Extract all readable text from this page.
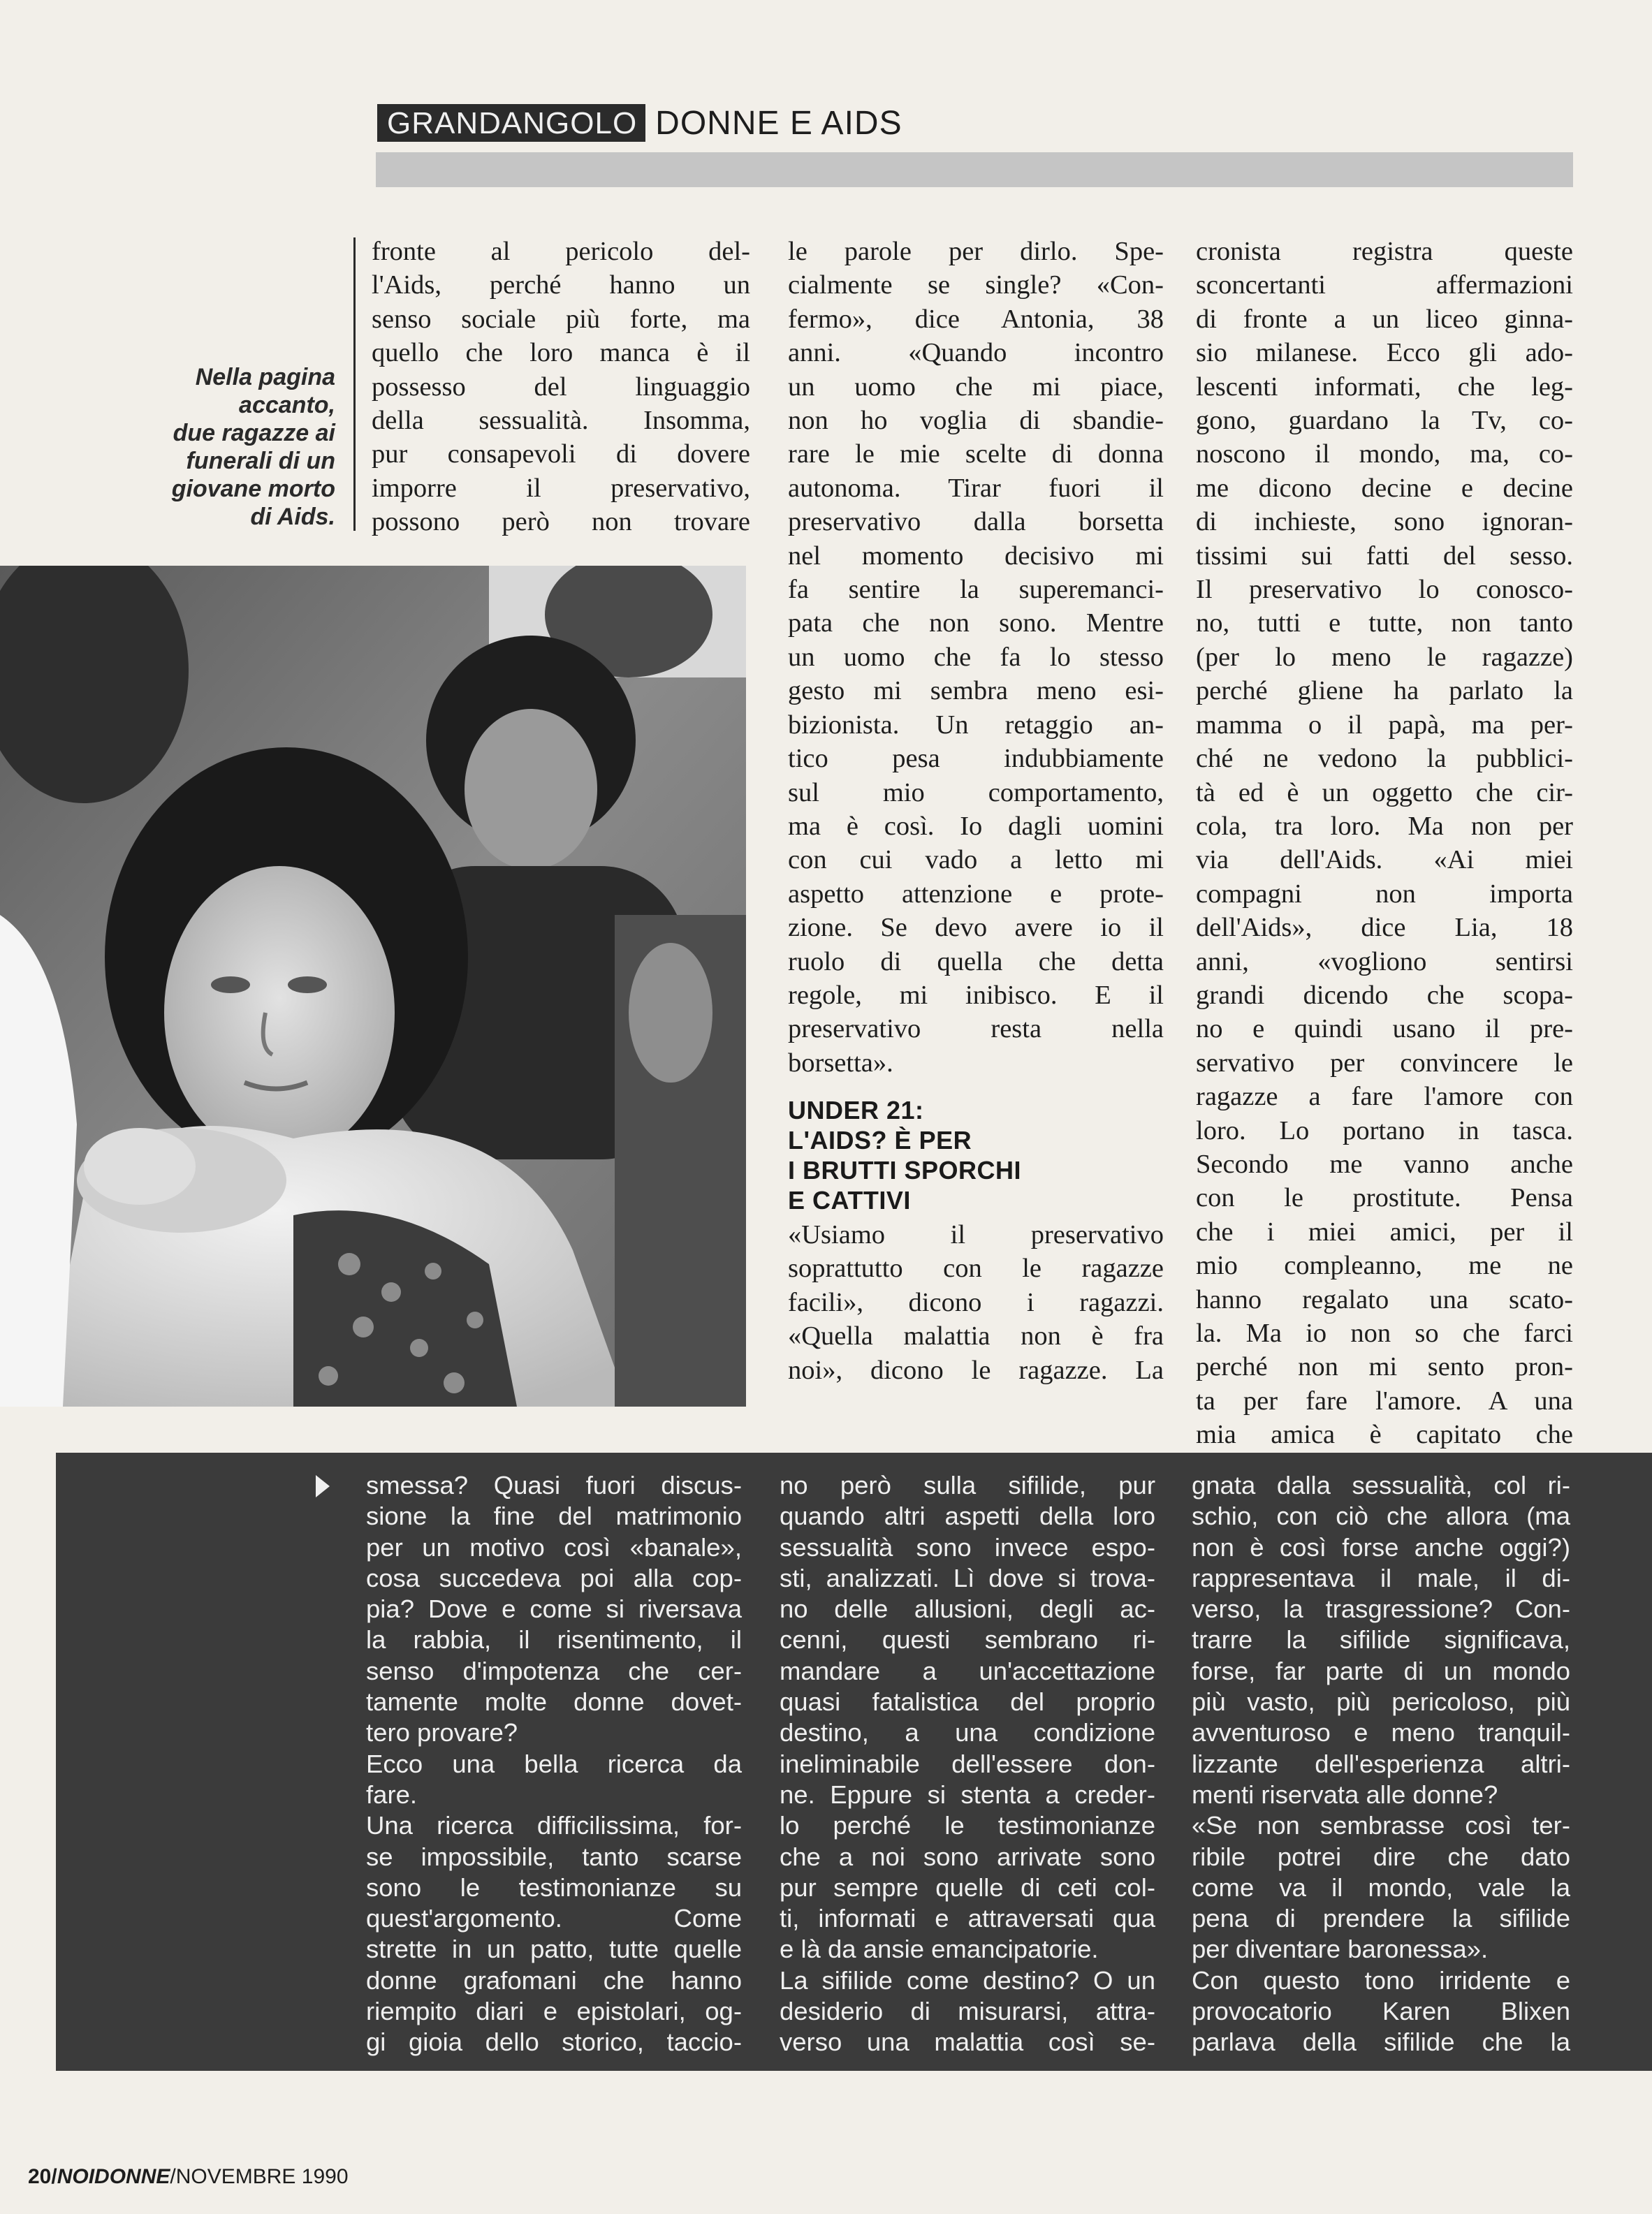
GRANDANGOLO DONNE E AIDS
Nella pagina
accanto,
due ragazze ai
funerali di un
giovane morto
di Aids.
fronte al pericolo del-
l'Aids, perché hanno un
senso sociale più forte, ma
quello che loro manca è il
possesso del linguaggio
della sessualità. Insomma,
pur consapevoli di dovere
imporre il preservativo,
possono però non trovare
le parole per dirlo. Spe-
cialmente se single? «Con-
fermo», dice Antonia, 38
anni. «Quando incontro
un uomo che mi piace,
non ho voglia di sbandie-
rare le mie scelte di donna
autonoma. Tirar fuori il
preservativo dalla borsetta
nel momento decisivo mi
fa sentire la superemanci-
pata che non sono. Mentre
un uomo che fa lo stesso
gesto mi sembra meno esi-
bizionista. Un retaggio an-
tico pesa indubbiamente
sul mio comportamento,
ma è così. Io dagli uomini
con cui vado a letto mi
aspetto attenzione e prote-
zione. Se devo avere io il
ruolo di quella che detta
regole, mi inibisco. E il
preservativo resta nella
borsetta».
UNDER 21:
L'AIDS? È PER
I BRUTTI SPORCHI
E CATTIVI
«Usiamo il preservativo
soprattutto con le ragazze
facili», dicono i ragazzi.
«Quella malattia non è fra
noi», dicono le ragazze. La
cronista registra queste
sconcertanti affermazioni
di fronte a un liceo ginna-
sio milanese. Ecco gli ado-
lescenti informati, che leg-
gono, guardano la Tv, co-
noscono il mondo, ma, co-
me dicono decine e decine
di inchieste, sono ignoran-
tissimi sui fatti del sesso.
Il preservativo lo conosco-
no, tutti e tutte, non tanto
(per lo meno le ragazze)
perché gliene ha parlato la
mamma o il papà, ma per-
ché ne vedono la pubblici-
tà ed è un oggetto che cir-
cola, tra loro. Ma non per
via dell'Aids. «Ai miei
compagni non importa
dell'Aids», dice Lia, 18
anni, «vogliono sentirsi
grandi dicendo che scopa-
no e quindi usano il pre-
servativo per convincere le
ragazze a fare l'amore con
loro. Lo portano in tasca.
Secondo me vanno anche
con le prostitute. Pensa
che i miei amici, per il
mio compleanno, me ne
hanno regalato una scato-
la. Ma io non so che farci
perché non mi sento pron-
ta per fare l'amore. A una
mia amica è capitato che
smessa? Quasi fuori discus-
sione la fine del matrimonio
per un motivo così «banale»,
cosa succedeva poi alla cop-
pia? Dove e come si riversava
la rabbia, il risentimento, il
senso d'impotenza che cer-
tamente molte donne dovet-
tero provare?
Ecco una bella ricerca da
fare.
Una ricerca difficilissima, for-
se impossibile, tanto scarse
sono le testimonianze su
quest'argomento. Come
strette in un patto, tutte quelle
donne grafomani che hanno
riempito diari e epistolari, og-
gi gioia dello storico, taccio-
no però sulla sifilide, pur
quando altri aspetti della loro
sessualità sono invece espo-
sti, analizzati. Lì dove si trova-
no delle allusioni, degli ac-
cenni, questi sembrano ri-
mandare a un'accettazione
quasi fatalistica del proprio
destino, a una condizione
ineliminabile dell'essere don-
ne. Eppure si stenta a creder-
lo perché le testimonianze
che a noi sono arrivate sono
pur sempre quelle di ceti col-
ti, informati e attraversati qua
e là da ansie emancipatorie.
La sifilide come destino? O un
desiderio di misurarsi, attra-
verso una malattia così se-
gnata dalla sessualità, col ri-
schio, con ciò che allora (ma
non è così forse anche oggi?)
rappresentava il male, il di-
verso, la trasgressione? Con-
trarre la sifilide significava,
forse, far parte di un mondo
più vasto, più pericoloso, più
avventuroso e meno tranquil-
lizzante dell'esperienza altri-
menti riservata alle donne?
«Se non sembrasse così ter-
ribile potrei dire che dato
come va il mondo, vale la
pena di prendere la sifilide
per diventare baronessa».
Con questo tono irridente e
provocatorio Karen Blixen
parlava della sifilide che la
20/NOIDONNE/NOVEMBRE 1990
